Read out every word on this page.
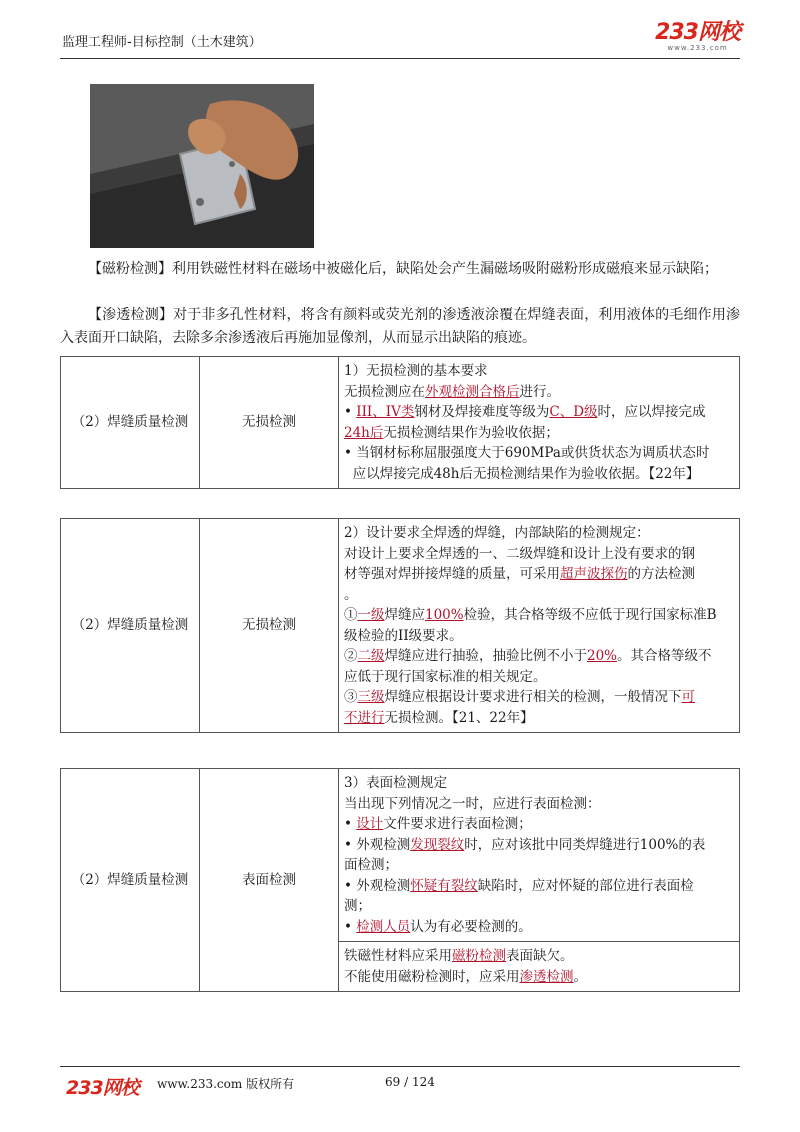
监理工程师-目标控制（土木建筑）	233网校
www.233.com
【磁粉检测】利用铁磁性材料在磁场中被磁化后，缺陷处会产生漏磁场吸附磁粉形成磁痕来显示缺陷；
【渗透检测】对于非多孔性材料，将含有颜料或荧光剂的渗透液涂覆在焊缝表面，利用液体的毛细作用渗入表面开口缺陷，去除多余渗透液后再施加显像剂，从而显示出缺陷的痕迹。
（2）焊缝质量检测	无损检测	
1）无损检测的基本要求
无损检测应在外观检测合格后进行。
• III、IV类钢材及焊接难度等级为C、D级时，应以焊接完成
24h后无损检测结果作为验收依据；
• 当钢材标称屈服强度大于690MPa或供货状态为调质状态时
应以焊接完成48h后无损检测结果作为验收依据。【22年】
（2）焊缝质量检测	无损检测	
2）设计要求全焊透的焊缝，内部缺陷的检测规定：
对设计上要求全焊透的一、二级焊缝和设计上没有要求的钢
材等强对焊拼接焊缝的质量，可采用超声波探伤的方法检测
。
①一级焊缝应100%检验，其合格等级不应低于现行国家标准B
级检验的II级要求。
②二级焊缝应进行抽验，抽验比例不小于20%。其合格等级不
应低于现行国家标准的相关规定。
③三级焊缝应根据设计要求进行相关的检测，一般情况下可
不进行无损检测。【21、22年】
（2）焊缝质量检测	表面检测	
3）表面检测规定
当出现下列情况之一时，应进行表面检测：
• 设计文件要求进行表面检测；
• 外观检测发现裂纹时，应对该批中同类焊缝进行100%的表
面检测；
• 外观检测怀疑有裂纹缺陷时，应对怀疑的部位进行表面检
测；
• 检测人员认为有必要检测的。

铁磁性材料应采用磁粉检测表面缺欠。
不能使用磁粉检测时，应采用渗透检测。
233网校 www.233.com 版权所有	69 / 124
